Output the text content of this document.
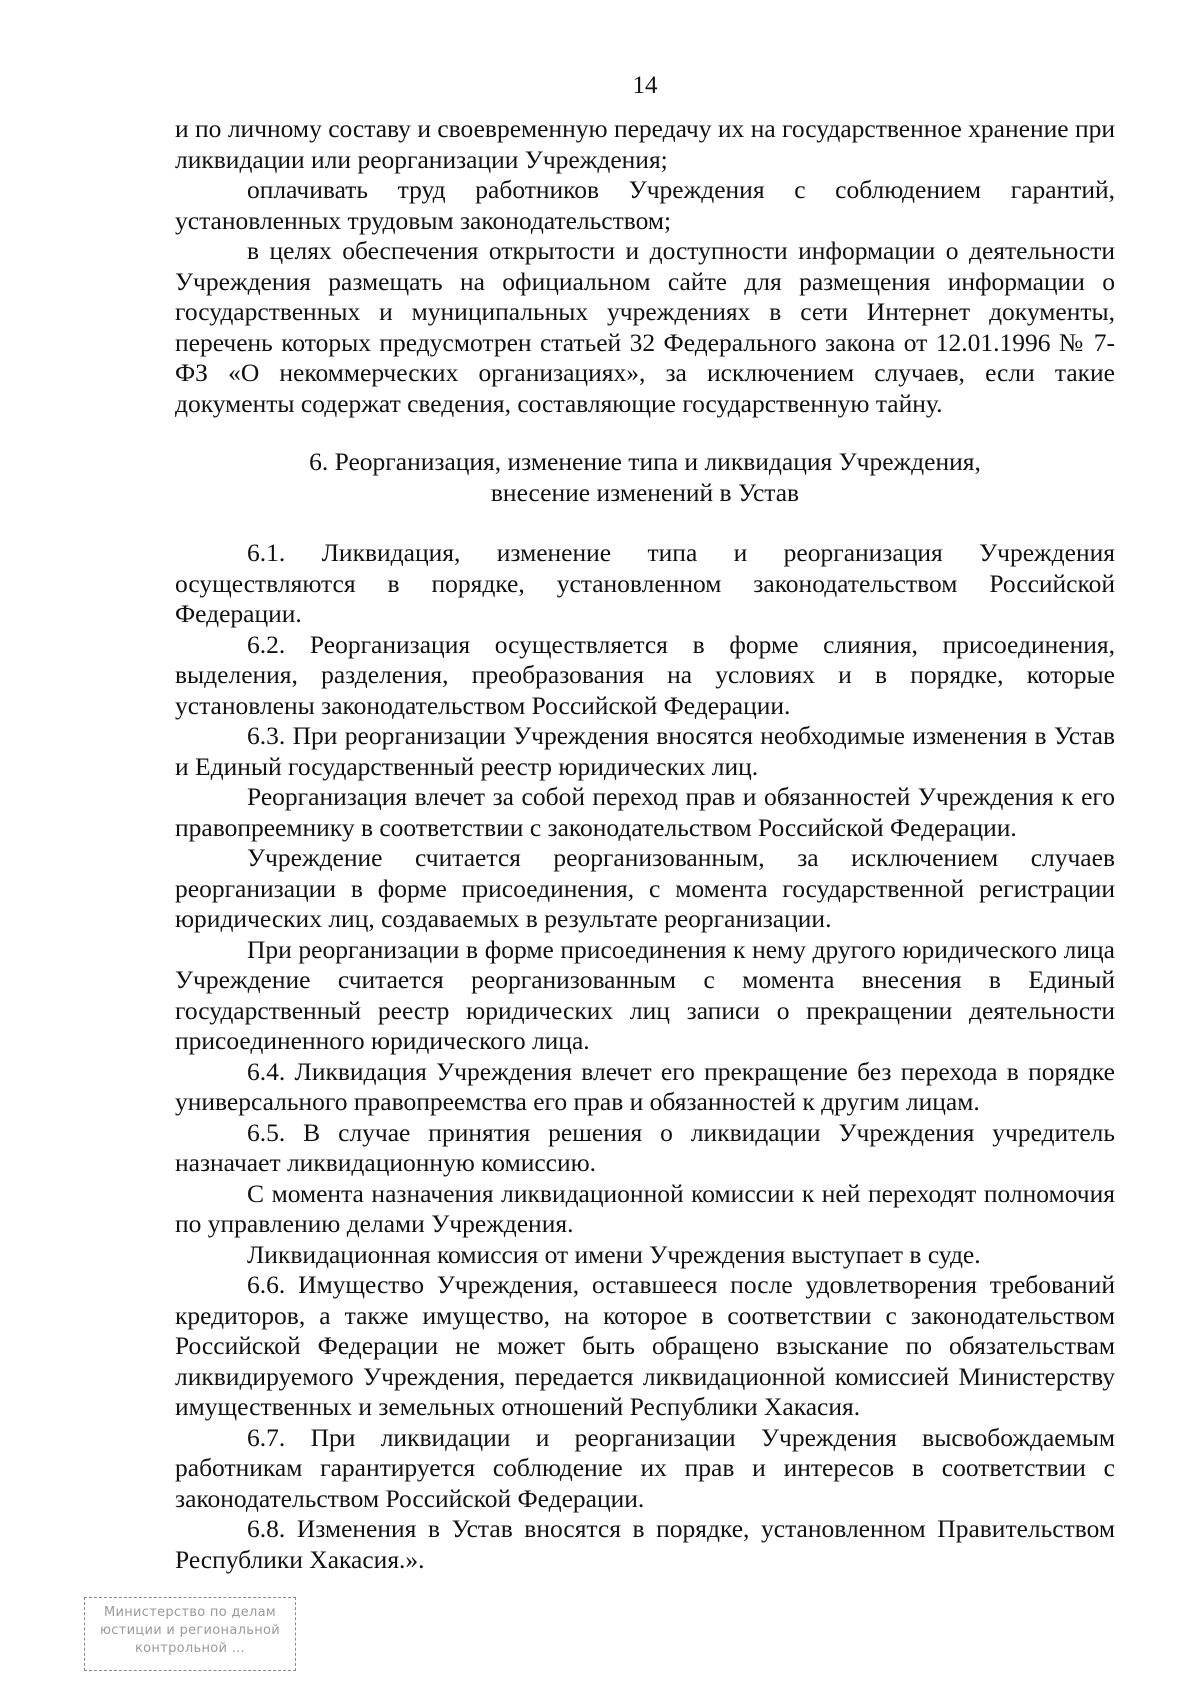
14

и по личному составу и своевременную передачу их на государственное хранение при ликвидации или реорганизации Учреждения;

оплачивать труд работников Учреждения с соблюдением гарантий, установленных трудовым законодательством;

в целях обеспечения открытости и доступности информации о деятельности Учреждения размещать на официальном сайте для размещения информации о государственных и муниципальных учреждениях в сети Интернет документы, перечень которых предусмотрен статьей 32 Федерального закона от 12.01.1996 № 7-ФЗ «О некоммерческих организациях», за исключением случаев, если такие документы содержат сведения, составляющие государственную тайну.

6. Реорганизация, изменение типа и ликвидация Учреждения,
внесение изменений в Устав

6.1. Ликвидация, изменение типа и реорганизация Учреждения осуществляются в порядке, установленном законодательством Российской Федерации.

6.2. Реорганизация осуществляется в форме слияния, присоединения, выделения, разделения, преобразования на условиях и в порядке, которые установлены законодательством Российской Федерации.

6.3. При реорганизации Учреждения вносятся необходимые изменения в Устав и Единый государственный реестр юридических лиц.

Реорганизация влечет за собой переход прав и обязанностей Учреждения к его правопреемнику в соответствии с законодательством Российской Федерации.

Учреждение считается реорганизованным, за исключением случаев реорганизации в форме присоединения, с момента государственной регистрации юридических лиц, создаваемых в результате реорганизации.

При реорганизации в форме присоединения к нему другого юридического лица Учреждение считается реорганизованным с момента внесения в Единый государственный реестр юридических лиц записи о прекращении деятельности присоединенного юридического лица.

6.4. Ликвидация Учреждения влечет его прекращение без перехода в порядке универсального правопреемства его прав и обязанностей к другим лицам.

6.5. В случае принятия решения о ликвидации Учреждения учредитель назначает ликвидационную комиссию.

С момента назначения ликвидационной комиссии к ней переходят полномочия по управлению делами Учреждения.

Ликвидационная комиссия от имени Учреждения выступает в суде.

6.6. Имущество Учреждения, оставшееся после удовлетворения требований кредиторов, а также имущество, на которое в соответствии с законодательством Российской Федерации не может быть обращено взыскание по обязательствам ликвидируемого Учреждения, передается ликвидационной комиссией Министерству имущественных и земельных отношений Республики Хакасия.

6.7. При ликвидации и реорганизации Учреждения высвобождаемым работникам гарантируется соблюдение их прав и интересов в соответствии с законодательством Российской Федерации.

6.8. Изменения в Устав вносятся в порядке, установленном Правительством Республики Хакасия.».

Министерство по делам
юстиции и региональной
контрольной ...
